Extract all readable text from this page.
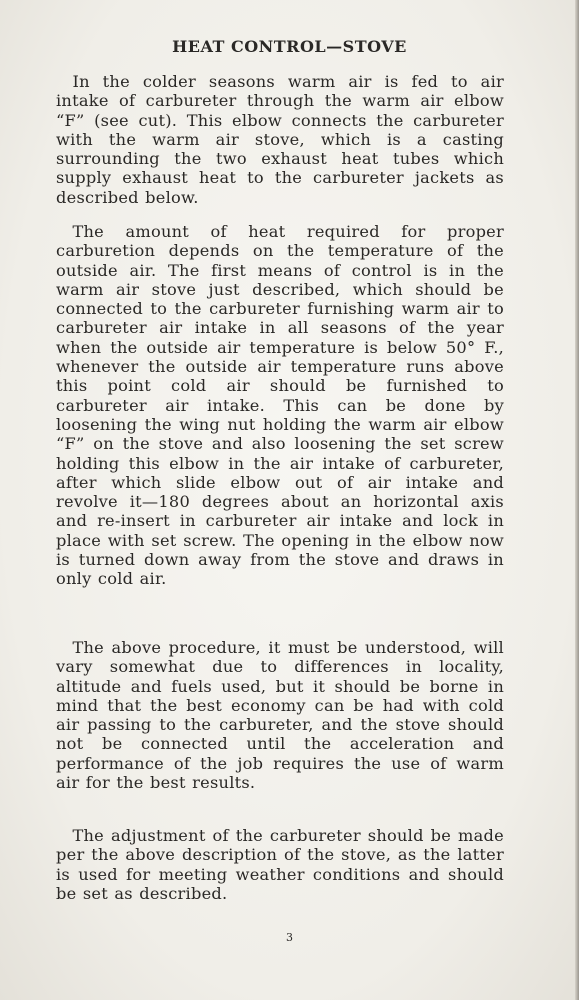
HEAT CONTROL—STOVE

 In the colder seasons warm air is fed to air intake of carbureter through the warm air elbow “F” (see cut). This elbow connects the carbureter with the warm air stove, which is a casting surrounding the two exhaust heat tubes which supply exhaust heat to the carbureter jackets as described below.

 The amount of heat required for proper carburetion depends on the temperature of the outside air. The first means of control is in the warm air stove just described, which should be connected to the carbureter furnishing warm air to carbureter air intake in all seasons of the year when the outside air temperature is below 50° F., whenever the outside air temperature runs above this point cold air should be furnished to carbureter air intake. This can be done by loosening the wing nut holding the warm air elbow “F” on the stove and also loosening the set screw holding this elbow in the air intake of carbureter, after which slide elbow out of air intake and revolve it—180 degrees about an horizontal axis and re-insert in carbureter air intake and lock in place with set screw. The opening in the elbow now is turned down away from the stove and draws in only cold air.

 The above procedure, it must be understood, will vary somewhat due to differences in locality, altitude and fuels used, but it should be borne in mind that the best economy can be had with cold air passing to the carbureter, and the stove should not be connected until the acceleration and performance of the job requires the use of warm air for the best results.

 The adjustment of the carbureter should be made per the above description of the stove, as the latter is used for meeting weather conditions and should be set as described.

3
